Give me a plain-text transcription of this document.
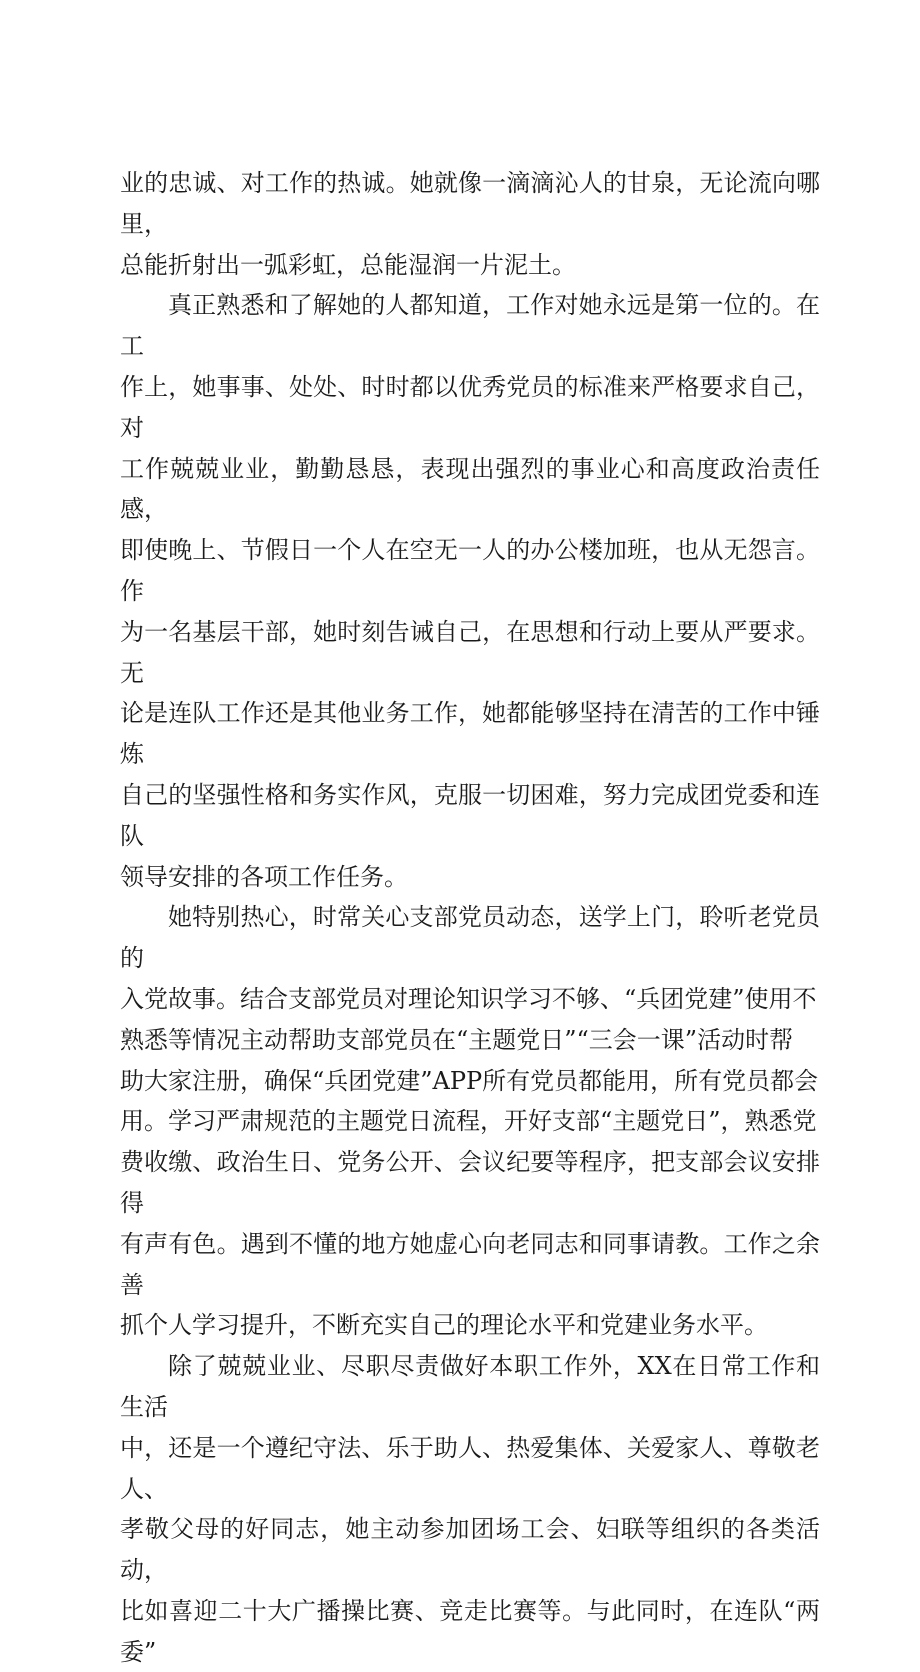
业的忠诚、对工作的热诚。她就像一滴滴沁人的甘泉，无论流向哪里，
总能折射出一弧彩虹，总能湿润一片泥土。

真正熟悉和了解她的人都知道，工作对她永远是第一位的。在工
作上，她事事、处处、时时都以优秀党员的标准来严格要求自己，对
工作兢兢业业，勤勤恳恳，表现出强烈的事业心和高度政治责任感，
即使晚上、节假日一个人在空无一人的办公楼加班，也从无怨言。作
为一名基层干部，她时刻告诫自己，在思想和行动上要从严要求。无
论是连队工作还是其他业务工作，她都能够坚持在清苦的工作中锤炼
自己的坚强性格和务实作风，克服一切困难，努力完成团党委和连队
领导安排的各项工作任务。

她特别热心，时常关心支部党员动态，送学上门，聆听老党员的
入党故事。结合支部党员对理论知识学习不够、“兵团党建”使用不
熟悉等情况主动帮助支部党员在“主题党日”“三会一课”活动时帮
助大家注册，确保“兵团党建”APP所有党员都能用，所有党员都会
用。学习严肃规范的主题党日流程，开好支部“主题党日”，熟悉党
费收缴、政治生日、党务公开、会议纪要等程序，把支部会议安排得
有声有色。遇到不懂的地方她虚心向老同志和同事请教。工作之余善
抓个人学习提升，不断充实自己的理论水平和党建业务水平。

除了兢兢业业、尽职尽责做好本职工作外，XX在日常工作和生活
中，还是一个遵纪守法、乐于助人、热爱集体、关爱家人、尊敬老人、
孝敬父母的好同志，她主动参加团场工会、妇联等组织的各类活动，
比如喜迎二十大广播操比赛、竞走比赛等。与此同时，在连队“两委”
